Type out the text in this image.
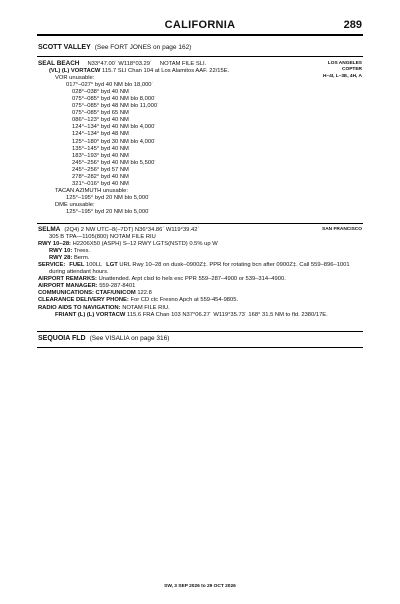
CALIFORNIA	289
SCOTT VALLEY (See FORT JONES on page 162)
LOS ANGELES
COPTER
H–4I, L–3E, 4H, A
SEAL BEACH N33°47.00´ W118°03.29´ NOTAM FILE SLI.
(VL) (L) VORTACW 115.7 SLI Chan 104 at Los Alamitos AAF. 22/15E.
VOR unusable:
017°–027° byd 40 NM blo 18,000´
028°–038° byd 40 NM
075°–085° byd 40 NM blo 8,000´
075°–085° byd 48 NM blo 11,000´
075°–085° byd 65 NM
086°–123° byd 40 NM
124°–134° byd 40 NM blo 4,000´
124°–134° byd 48 NM
125°–180° byd 30 NM blo 4,000´
135°–145° byd 40 NM
183°–193° byd 40 NM
245°–256° byd 40 NM blo 5,500´
245°–256° byd 57 NM
278°–282° byd 40 NM
321°–016° byd 40 NM
TACAN AZIMUTH unusable:
125°–195° byd 20 NM blo 5,000´
DME unusable:
125°–195° byd 20 NM blo 5,000´
SAN FRANCISCO
SELMA (2Q4) 2 NW UTC–8(–7DT) N36°34.86´ W119°39.42´
305 B TPA—1105(800) NOTAM FILE RIU
RWY 10–28: H2206X50 (ASPH) S–12 RWY LGTS(NSTD) 0.5% up W
RWY 10: Trees.
RWY 28: Berm.
SERVICE: FUEL 100LL LGT URL Rwy 10–28 on dusk–0900Z‡. PPR for rotating bcn after 0900Z‡. Call 559–896–1001
during attendant hours.
AIRPORT REMARKS: Unattended. Arpt clsd to hels exc PPR 559–287–4900 or 539–314–4900.
AIRPORT MANAGER: 559-287-8401
COMMUNICATIONS: CTAF/UNICOM 122.8
CLEARANCE DELIVERY PHONE: For CD ctc Fresno Apch at 559-454-9805.
RADIO AIDS TO NAVIGATION: NOTAM FILE RIU.
FRIANT (L) (L) VORTACW 115.6 FRA Chan 103 N37°06.27´ W119°35.73´ 168° 31.5 NM to fld. 2380/17E.
SEQUOIA FLD (See VISALIA on page 316)
SW, 3 SEP 2026 to 29 OCT 2026
